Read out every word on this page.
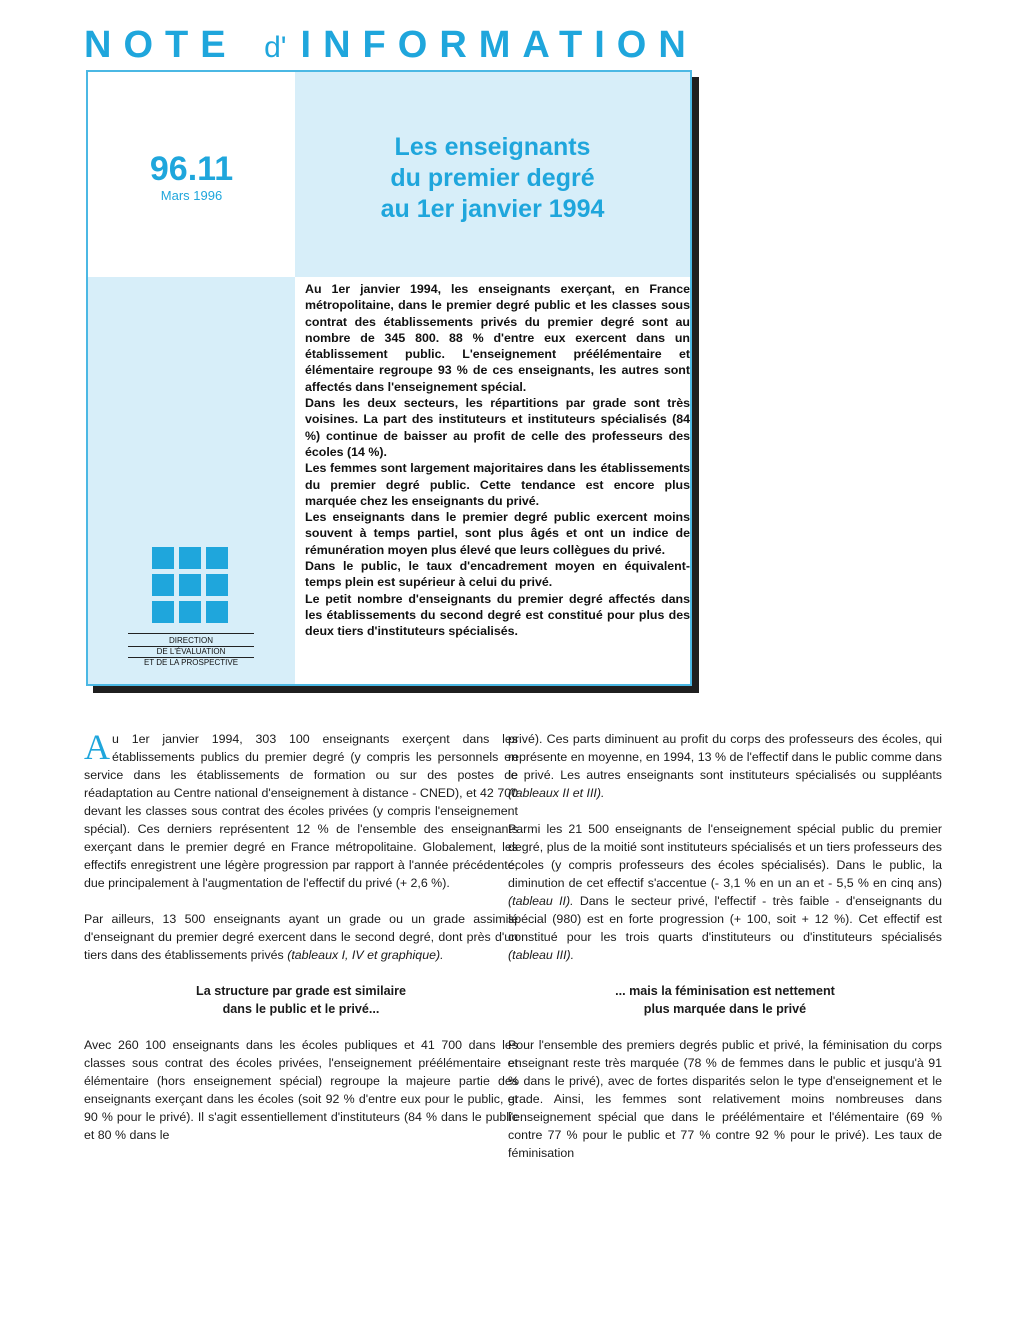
NOTE d' INFORMATION
96.11
Mars 1996
Les enseignants
du premier degré
au 1er janvier 1994
DIRECTION
DE L'ÉVALUATION
ET DE LA PROSPECTIVE

Au 1er janvier 1994, les enseignants exerçant, en France métropolitaine, dans le premier degré public et les classes sous contrat des établissements privés du premier degré sont au nombre de 345 800. 88 % d'entre eux exercent dans un établissement public. L'enseignement préélémentaire et élémentaire regroupe 93 % de ces enseignants, les autres sont affectés dans l'enseignement spécial.

Dans les deux secteurs, les répartitions par grade sont très voisines. La part des instituteurs et instituteurs spécialisés (84 %) continue de baisser au profit de celle des professeurs des écoles (14 %).

Les femmes sont largement majoritaires dans les établissements du premier degré public. Cette tendance est encore plus marquée chez les enseignants du privé.

Les enseignants dans le premier degré public exercent moins souvent à temps partiel, sont plus âgés et ont un indice de rémunération moyen plus élevé que leurs collègues du privé.

Dans le public, le taux d'encadrement moyen en équivalent-temps plein est supérieur à celui du privé.

Le petit nombre d'enseignants du premier degré affectés dans les établissements du second degré est constitué pour plus des deux tiers d'instituteurs spécialisés.

Au 1er janvier 1994, 303 100 enseignants exerçent dans les établissements publics du premier degré (y compris les personnels en service dans les établissements de formation ou sur des postes de réadaptation au Centre national d'enseignement à distance - CNED), et 42 700 devant les classes sous contrat des écoles privées (y compris l'enseignement spécial). Ces derniers représentent 12 % de l'ensemble des enseignants exerçant dans le premier degré en France métropolitaine. Globalement, les effectifs enregistrent une légère progression par rapport à l'année précédente, due principalement à l'augmentation de l'effectif du privé (+ 2,6 %).

Par ailleurs, 13 500 enseignants ayant un grade ou un grade assimilé d'enseignant du premier degré exercent dans le second degré, dont près d'un tiers dans des établissements privés (tableaux I, IV et graphique).

La structure par grade est similaire
dans le public et le privé...

Avec 260 100 enseignants dans les écoles publiques et 41 700 dans les classes sous contrat des écoles privées, l'enseignement préélémentaire et élémentaire (hors enseignement spécial) regroupe la majeure partie des enseignants exerçant dans les écoles (soit 92 % d'entre eux pour le public, et 90 % pour le privé). Il s'agit essentiellement d'instituteurs (84 % dans le public et 80 % dans le

privé). Ces parts diminuent au profit du corps des professeurs des écoles, qui représente en moyenne, en 1994, 13 % de l'effectif dans le public comme dans le privé. Les autres enseignants sont instituteurs spécialisés ou suppléants (tableaux II et III).

Parmi les 21 500 enseignants de l'enseignement spécial public du premier degré, plus de la moitié sont instituteurs spécialisés et un tiers professeurs des écoles (y compris professeurs des écoles spécialisés). Dans le public, la diminution de cet effectif s'accentue (- 3,1 % en un an et - 5,5 % en cinq ans) (tableau II). Dans le secteur privé, l'effectif - très faible - d'enseignants du spécial (980) est en forte progression (+ 100, soit + 12 %). Cet effectif est constitué pour les trois quarts d'instituteurs ou d'instituteurs spécialisés (tableau III).

... mais la féminisation est nettement
plus marquée dans le privé

Pour l'ensemble des premiers degrés public et privé, la féminisation du corps enseignant reste très marquée (78 % de femmes dans le public et jusqu'à 91 % dans le privé), avec de fortes disparités selon le type d'enseignement et le grade. Ainsi, les femmes sont relativement moins nombreuses dans l'enseignement spécial que dans le préélémentaire et l'élémentaire (69 % contre 77 % pour le public et 77 % contre 92 % pour le privé). Les taux de féminisation
